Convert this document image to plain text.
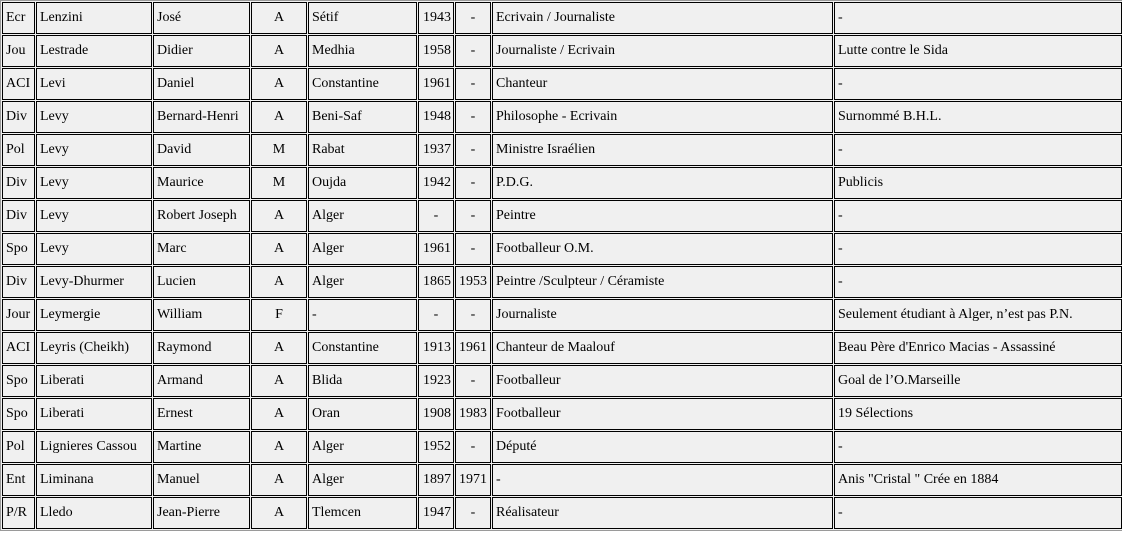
Ecr	Lenzini	José	A	Sétif	1943	-	Ecrivain / Journaliste	-
Jou	Lestrade	Didier	A	Medhia	1958	-	Journaliste / Ecrivain	Lutte contre le Sida
ACI	Levi	Daniel	A	Constantine	1961	-	Chanteur	-
Div	Levy	Bernard-Henri	A	Beni-Saf	1948	-	Philosophe - Ecrivain	Surnommé B.H.L.
Pol	Levy	David	M	Rabat	1937	-	Ministre Israélien	-
Div	Levy	Maurice	M	Oujda	1942	-	P.D.G.	Publicis
Div	Levy	Robert Joseph	A	Alger	-	-	Peintre	-
Spo	Levy	Marc	A	Alger	1961	-	Footballeur O.M.	-
Div	Levy-Dhurmer	Lucien	A	Alger	1865	1953	Peintre /Sculpteur / Céramiste	-
Jour	Leymergie	William	F	-	-	-	Journaliste	Seulement étudiant à Alger, n’est pas P.N.
ACI	Leyris (Cheikh)	Raymond	A	Constantine	1913	1961	Chanteur de Maalouf	Beau Père d'Enrico Macias - Assassiné
Spo	Liberati	Armand	A	Blida	1923	-	Footballeur	Goal de l’O.Marseille
Spo	Liberati	Ernest	A	Oran	1908	1983	Footballeur	19 Sélections
Pol	Lignieres Cassou	Martine	A	Alger	1952	-	Député	-
Ent	Liminana	Manuel	A	Alger	1897	1971	-	Anis "Cristal " Crée en 1884
P/R	Lledo	Jean-Pierre	A	Tlemcen	1947	-	Réalisateur	-
